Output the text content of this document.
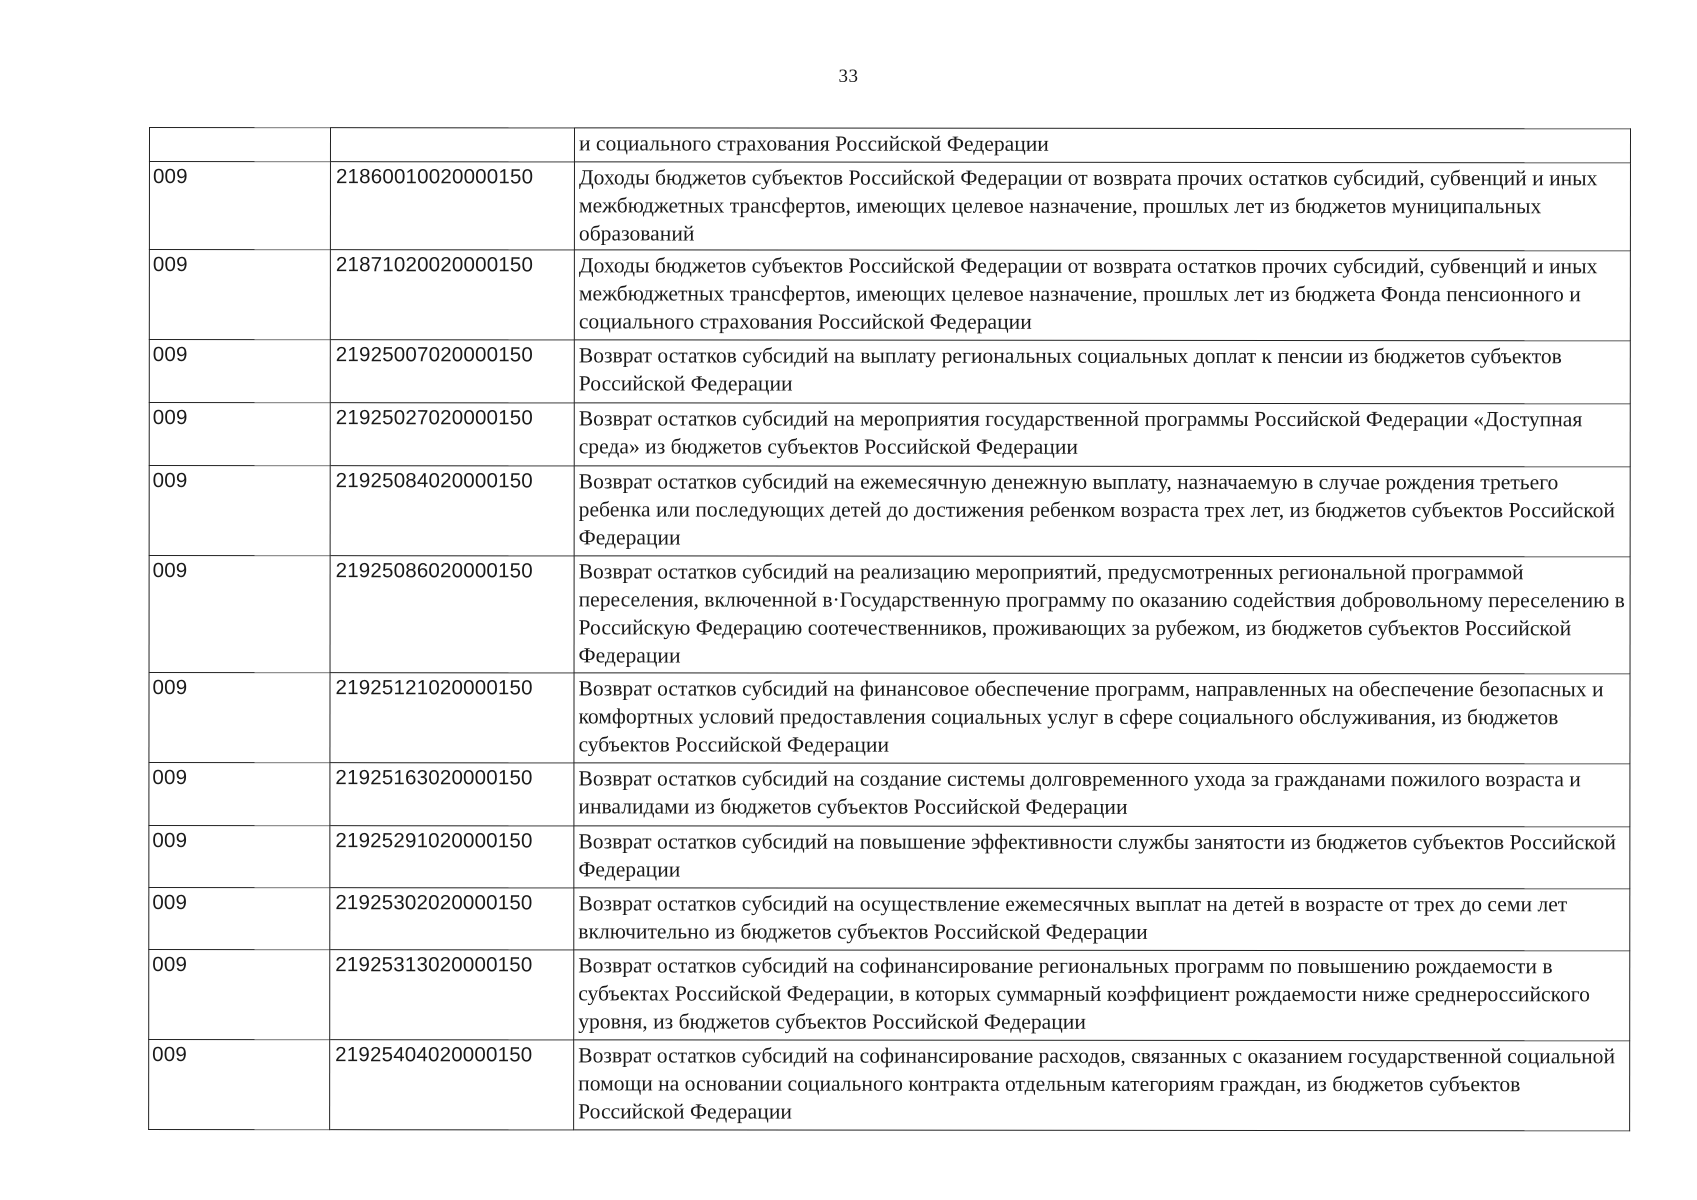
33
		и социального страхования Российской Федерации
009	21860010020000150	Доходы бюджетов субъектов Российской Федерации от возврата прочих остатков субсидий, субвенций и иных межбюджетных трансфертов, имеющих целевое назначение, прошлых лет из бюджетов муниципальных образований
009	21871020020000150	Доходы бюджетов субъектов Российской Федерации от возврата остатков прочих субсидий, субвенций и иных межбюджетных трансфертов, имеющих целевое назначение, прошлых лет из бюджета Фонда пенсионного и социального страхования Российской Федерации
009	21925007020000150	Возврат остатков субсидий на выплату региональных социальных доплат к пенсии из бюджетов субъектов Российской Федерации
009	21925027020000150	Возврат остатков субсидий на мероприятия государственной программы Российской Федерации «Доступная среда» из бюджетов субъектов Российской Федерации
009	21925084020000150	Возврат остатков субсидий на ежемесячную денежную выплату, назначаемую в случае рождения третьего ребенка или последующих детей до достижения ребенком возраста трех лет, из бюджетов субъектов Российской Федерации
009	21925086020000150	Возврат остатков субсидий на реализацию мероприятий, предусмотренных региональной программой переселения, включенной в·Государственную программу по оказанию содействия добровольному переселению в Российскую Федерацию соотечественников, проживающих за рубежом, из бюджетов субъектов Российской Федерации
009	21925121020000150	Возврат остатков субсидий на финансовое обеспечение программ, направленных на обеспечение безопасных и комфортных условий предоставления социальных услуг в сфере социального обслуживания, из бюджетов субъектов Российской Федерации
009	21925163020000150	Возврат остатков субсидий на создание системы долговременного ухода за гражданами пожилого возраста и инвалидами из бюджетов субъектов Российской Федерации
009	21925291020000150	Возврат остатков субсидий на повышение эффективности службы занятости из бюджетов субъектов Российской Федерации
009	21925302020000150	Возврат остатков субсидий на осуществление ежемесячных выплат на детей в возрасте от трех до семи лет включительно из бюджетов субъектов Российской Федерации
009	21925313020000150	Возврат остатков субсидий на софинансирование региональных программ по повышению рождаемости в субъектах Российской Федерации, в которых суммарный коэффициент рождаемости ниже среднероссийского уровня, из бюджетов субъектов Российской Федерации
009	21925404020000150	Возврат остатков субсидий на софинансирование расходов, связанных с оказанием государственной социальной помощи на основании социального контракта отдельным категориям граждан, из бюджетов субъектов Российской Федерации
